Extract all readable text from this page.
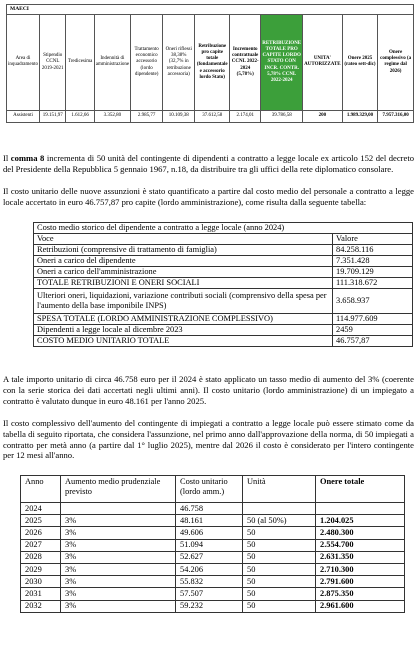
MAECI											
Area di inquadramento	Stipendio CCNL 2019-2021	Tredicesima	Indennità di amministrazione	Trattamento economico accessorio (lordo dipendente)	Oneri riflessi 38,38% (32,7% in retribuzione accessoria)	Retribuzione pro capite totale (fondamentale e accessorio lordo Stato)	Incremento contrattuale CCNL 2022-2024 (5,78%)	RETRIBUZIONE TOTALE PRO CAPITE LORDO STATO CON INCR. CONTR. 5,78% CCNL 2022-2024	UNITA' AUTORIZZATE	Onere 2025 (rateo sett-dic)	Onere complessivo (a regime dal 2026)
Assistenti	19.151,97	1.612,66	3.352,80	2.985,77	10.109,38	37.612,58	2.174,01	39.786,58	200	1.989.329,00	7.957.316,00

Il comma 8 incrementa di 50 unità del contingente di dipendenti a contratto a legge locale ex articolo 152 del decreto del Presidente della Repubblica 5 gennaio 1967, n.18, da distribuire tra gli uffici della rete diplomatico consolare.

Il costo unitario delle nuove assunzioni è stato quantificato a partire dal costo medio del personale a contratto a legge locale accertato in euro 46.757,87 pro capite (lordo amministrazione), come risulta dalla seguente tabella:

Costo medio storico del dipendente a contratto a legge locale (anno 2024)	
Voce	Valore
Retribuzioni (comprensive di trattamento di famiglia)	84.258.116
Oneri a carico del dipendente	7.351.428
Oneri a carico dell'amministrazione	19.709.129
TOTALE RETRIBUZIONI E ONERI SOCIALI	111.318.672
Ulteriori oneri, liquidazioni, variazione contributi sociali (comprensivo della spesa per l'aumento della base imponibile INPS)	3.658.937
SPESA TOTALE (LORDO AMMINISTRAZIONE COMPLESSIVO)	114.977.609
Dipendenti a legge locale al dicembre 2023	2459
COSTO MEDIO UNITARIO TOTALE	46.757,87

A tale importo unitario di circa 46.758 euro per il 2024 è stato applicato un tasso medio di aumento del 3% (coerente con la serie storica dei dati accertati negli ultimi anni). Il costo unitario (lordo amministrazione) di un impiegato a contratto è valutato dunque in euro 48.161 per l'anno 2025.

Il costo complessivo dell'aumento del contingente di impiegati a contratto a legge locale può essere stimato come da tabella di seguito riportata, che considera l'assunzione, nel primo anno dall'approvazione della norma, di 50 impiegati a contratto per metà anno (a partire dal 1° luglio 2025), mentre dal 2026 il costo è considerato per l'intero contingente per 12 mesi all'anno.

Anno	Aumento medio prudenziale previsto	Costo unitario (lordo amm.)	Unità	Onere totale
2024		46.758		
2025	3%	48.161	50 (al 50%)	1.204.025
2026	3%	49.606	50	2.480.300
2027	3%	51.094	50	2.554.700
2028	3%	52.627	50	2.631.350
2029	3%	54.206	50	2.710.300
2030	3%	55.832	50	2.791.600
2031	3%	57.507	50	2.875.350
2032	3%	59.232	50	2.961.600
